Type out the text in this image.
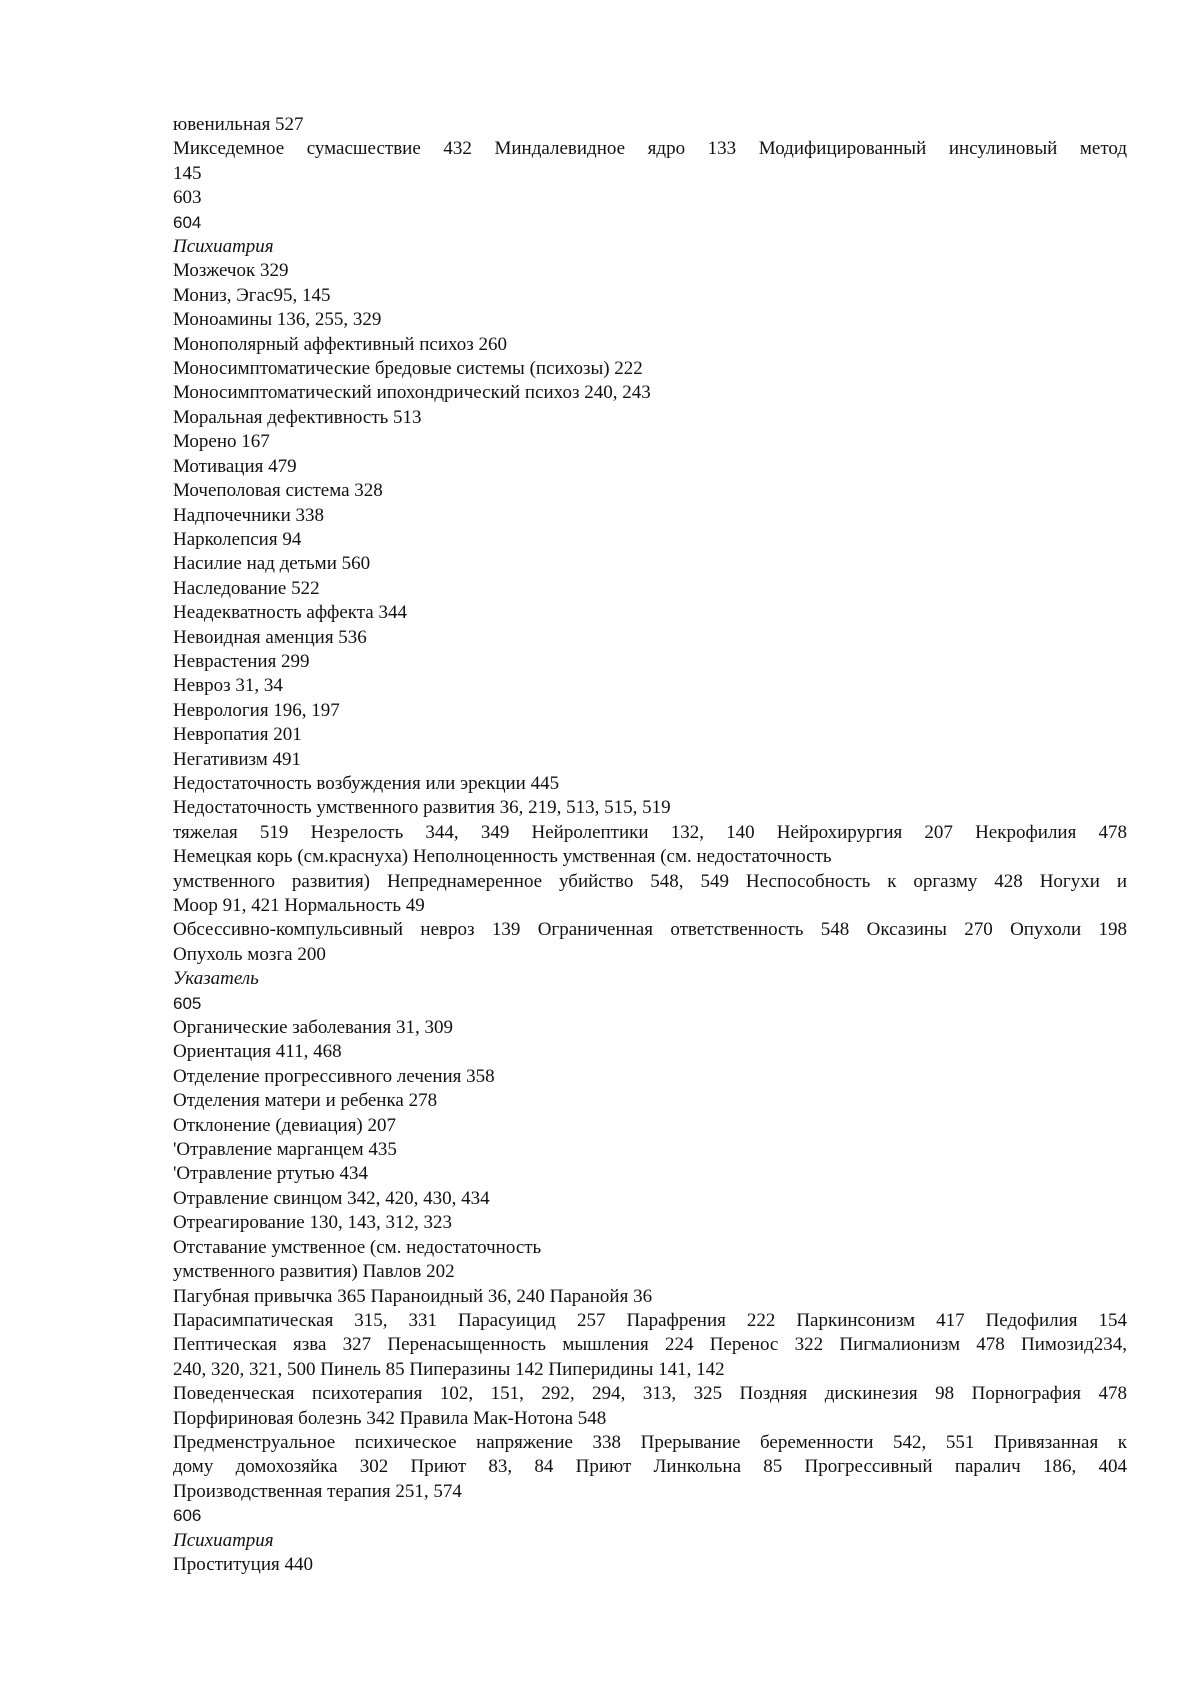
ювенильная 527
Микседемное сумасшествие 432 Миндалевидное ядро 133 Модифицированный инсулиновый метод
145
603
604
Психиатрия
Мозжечок 329
Мониз, Эгас95, 145
Моноамины 136, 255, 329
Монополярный аффективный психоз 260
Моносимптоматические бредовые системы (психозы) 222
Моносимптоматический ипохондрический психоз 240, 243
Моральная дефективность 513
Морено 167
Мотивация 479
Мочеполовая система 328
Надпочечники 338
Нарколепсия 94
Насилие над детьми 560
Наследование 522
Неадекватность аффекта 344
Невоидная аменция 536
Неврастения 299
Невроз 31, 34
Неврология 196, 197
Невропатия 201
Негативизм 491
Недостаточность возбуждения или эрекции 445
Недостаточность умственного развития 36, 219, 513, 515, 519
тяжелая 519 Незрелость 344, 349 Нейролептики 132, 140 Нейрохирургия 207 Некрофилия 478
Немецкая корь (см.краснуха) Неполноценность умственная (см. недостаточность
умственного развития) Непреднамеренное убийство 548, 549 Неспособность к оргазму 428 Ногухи и
Моор 91, 421 Нормальность 49
Обсессивно-компульсивный невроз 139 Ограниченная ответственность 548 Оксазины 270 Опухоли 198
Опухоль мозга 200
Указатель
605
Органические заболевания 31, 309
Ориентация 411, 468
Отделение прогрессивного лечения 358
Отделения матери и ребенка 278
Отклонение (девиация) 207
'Отравление марганцем 435
'Отравление ртутью 434
Отравление свинцом 342, 420, 430, 434
Отреагирование 130, 143, 312, 323
Отставание умственное (см. недостаточность
умственного развития) Павлов 202
Пагубная привычка 365 Параноидный 36, 240 Паранойя 36
Парасимпатическая 315, 331 Парасуицид 257 Парафрения 222 Паркинсонизм 417 Педофилия 154
Пептическая язва 327 Перенасыщенность мышления 224 Перенос 322 Пигмалионизм 478 Пимозид234,
240, 320, 321, 500 Пинель 85 Пиперазины 142 Пиперидины 141, 142
Поведенческая психотерапия 102, 151, 292, 294, 313, 325 Поздняя дискинезия 98 Порнография 478
Порфириновая болезнь 342 Правила Мак-Нотона 548
Предменструальное психическое напряжение 338 Прерывание беременности 542, 551 Привязанная к
дому домохозяйка 302 Приют 83, 84 Приют Линкольна 85 Прогрессивный паралич 186, 404
Производственная терапия 251, 574
606
Психиатрия
Проституция 440
